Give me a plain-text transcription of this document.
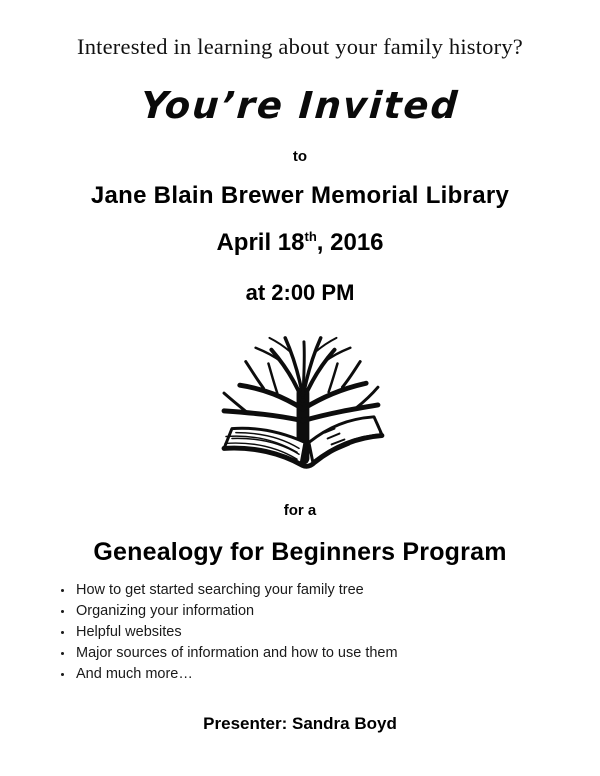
Interested in learning about your family history?
You’re Invited
to
Jane Blain Brewer Memorial Library
April 18th, 2016
at 2:00 PM
for a
Genealogy for Beginners Program
• How to get started searching your family tree
• Organizing your information
• Helpful websites
• Major sources of information and how to use them
• And much more…
Presenter: Sandra Boyd
